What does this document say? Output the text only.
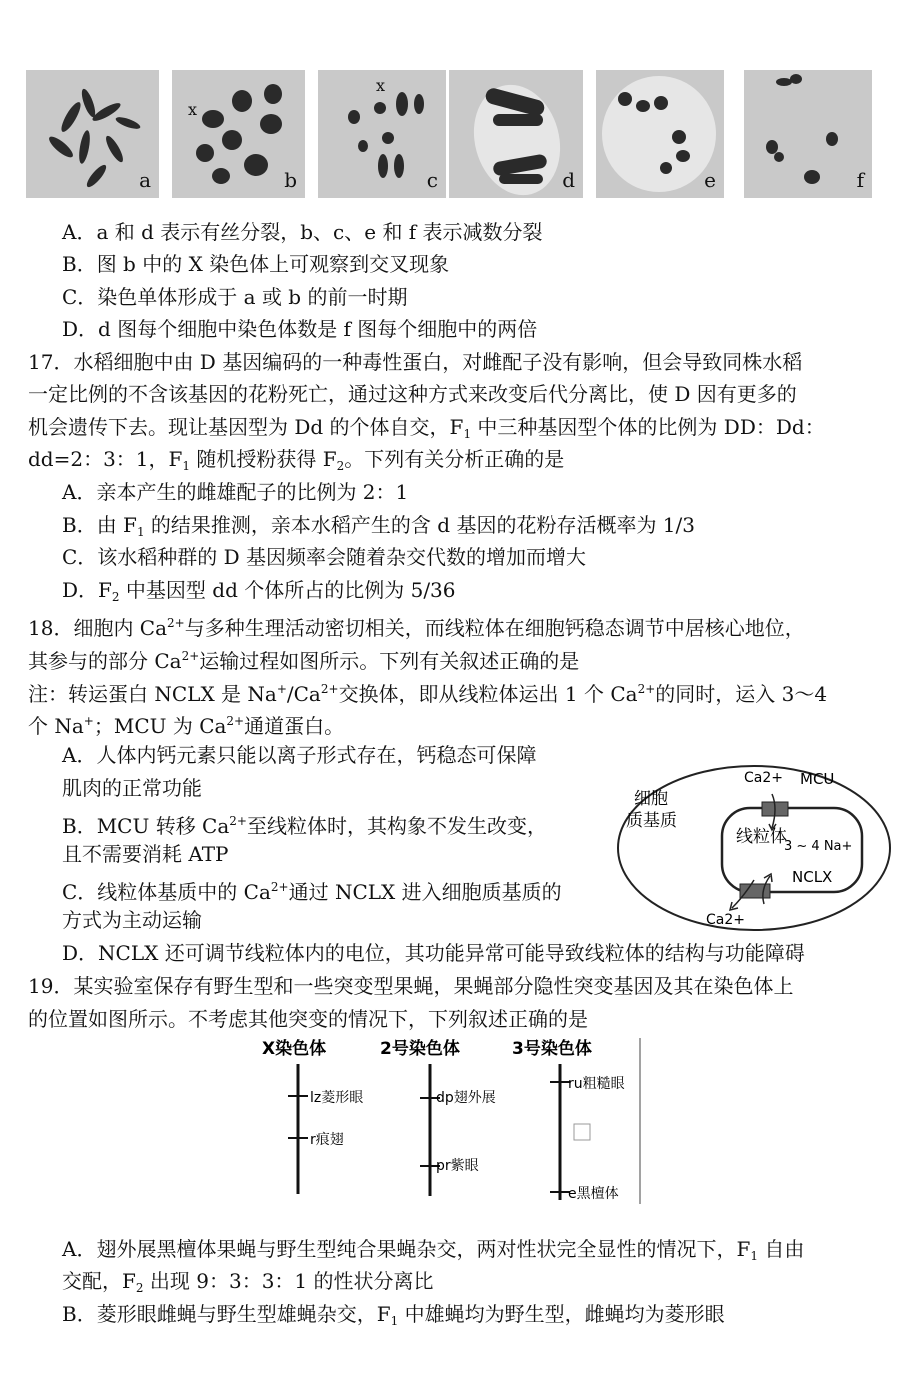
a
x
b
x
c	d	e	f
A．a 和 d 表示有丝分裂，b、c、e 和 f 表示减数分裂
B．图 b 中的 X 染色体上可观察到交叉现象
C．染色单体形成于 a 或 b 的前一时期
D．d 图每个细胞中染色体数是 f 图每个细胞中的两倍
17．水稻细胞中由 D 基因编码的一种毒性蛋白，对雌配子没有影响，但会导致同株水稻
一定比例的不含该基因的花粉死亡，通过这种方式来改变后代分离比，使 D 因有更多的
机会遗传下去。现让基因型为 Dd 的个体自交，$F_1$ 中三种基因型个体的比例为 DD：Dd：
dd=2：3：1，$F_1$ 随机授粉获得 $F_2$。下列有关分析正确的是
A．亲本产生的雌雄配子的比例为 2：1
B．由 $F_1$ 的结果推测，亲本水稻产生的含 d 基因的花粉存活概率为 1/3
C．该水稻种群的 D 基因频率会随着杂交代数的增加而增大
D．$F_2$ 中基因型 dd 个体所占的比例为 5/36
18．细胞内 $Ca^{2+}$与多种生理活动密切相关，而线粒体在细胞钙稳态调节中居核心地位，
其参与的部分 $Ca^{2+}$运输过程如图所示。下列有关叙述正确的是
注：转运蛋白 NCLX 是 $Na^+/Ca^{2+}$交换体，即从线粒体运出 1 个 $Ca^{2+}$的同时，运入 3～4
个 Na+；MCU 为 $Ca^{2+}$通道蛋白。
A．人体内钙元素只能以离子形式存在，钙稳态可保障
肌肉的正常功能
B．MCU 转移 $Ca^{2+}$至线粒体时，其构象不发生改变，
且不需要消耗 ATP
C．线粒体基质中的 $Ca^{2+}$通过 NCLX 进入细胞质基质的
方式为主动运输
D．NCLX 还可调节线粒体内的电位，其功能异常可能导致线粒体的结构与功能障碍
细胞
质基质
线粒体
MCU
NCLX
Ca2+
Ca2+
3 ~ 4 Na+
19．某实验室保存有野生型和一些突变型果蝇，果蝇部分隐性突变基因及其在染色体上
的位置如图所示。不考虑其他突变的情况下，下列叙述正确的是
X染色体
lz菱形眼
r痕翅
2号染色体
dp翅外展
pr紫眼
3号染色体
ru粗糙眼
e黑檀体
A．翅外展黑檀体果蝇与野生型纯合果蝇杂交，两对性状完全显性的情况下，$F_1$ 自由
交配，$F_2$ 出现 9：3：3：1 的性状分离比
B．菱形眼雌蝇与野生型雄蝇杂交，$F_1$ 中雄蝇均为野生型，雌蝇均为菱形眼
